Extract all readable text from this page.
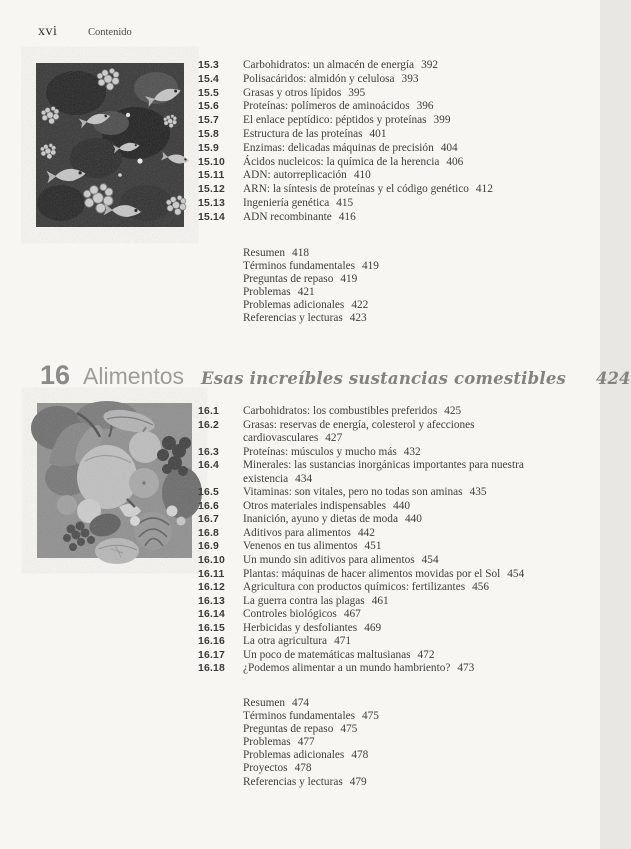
xvi	Contenido
15.3 Carbohidratos: un almacén de energía 392
15.4 Polisacáridos: almidón y celulosa 393
15.5 Grasas y otros lípidos 395
15.6 Proteínas: polímeros de aminoácidos 396
15.7 El enlace peptídico: péptidos y proteínas 399
15.8 Estructura de las proteínas 401
15.9 Enzimas: delicadas máquinas de precisión 404
15.10 Ácidos nucleicos: la química de la herencia 406
15.11 ADN: autorreplicación 410
15.12 ARN: la síntesis de proteínas y el código genético 412
15.13 Ingeniería genética 415
15.14 ADN recombinante 416
Resumen 418
Términos fundamentales 419
Preguntas de repaso 419
Problemas 421
Problemas adicionales 422
Referencias y lecturas 423
16 Alimentos Esas increíbles sustancias comestibles 424
16.1 Carbohidratos: los combustibles preferidos 425
16.2 Grasas: reservas de energía, colesterol y afecciones cardiovasculares 427
16.3 Proteínas: músculos y mucho más 432
16.4 Minerales: las sustancias inorgánicas importantes para nuestra existencia 434
16.5 Vitaminas: son vitales, pero no todas son aminas 435
16.6 Otros materiales indispensables 440
16.7 Inanición, ayuno y dietas de moda 440
16.8 Aditivos para alimentos 442
16.9 Venenos en tus alimentos 451
16.10 Un mundo sin aditivos para alimentos 454
16.11 Plantas: máquinas de hacer alimentos movidas por el Sol 454
16.12 Agricultura con productos químicos: fertilizantes 456
16.13 La guerra contra las plagas 461
16.14 Controles biológicos 467
16.15 Herbicidas y desfoliantes 469
16.16 La otra agricultura 471
16.17 Un poco de matemáticas maltusianas 472
16.18 ¿Podemos alimentar a un mundo hambriento? 473
Resumen 474
Términos fundamentales 475
Preguntas de repaso 475
Problemas 477
Problemas adicionales 478
Proyectos 478
Referencias y lecturas 479
